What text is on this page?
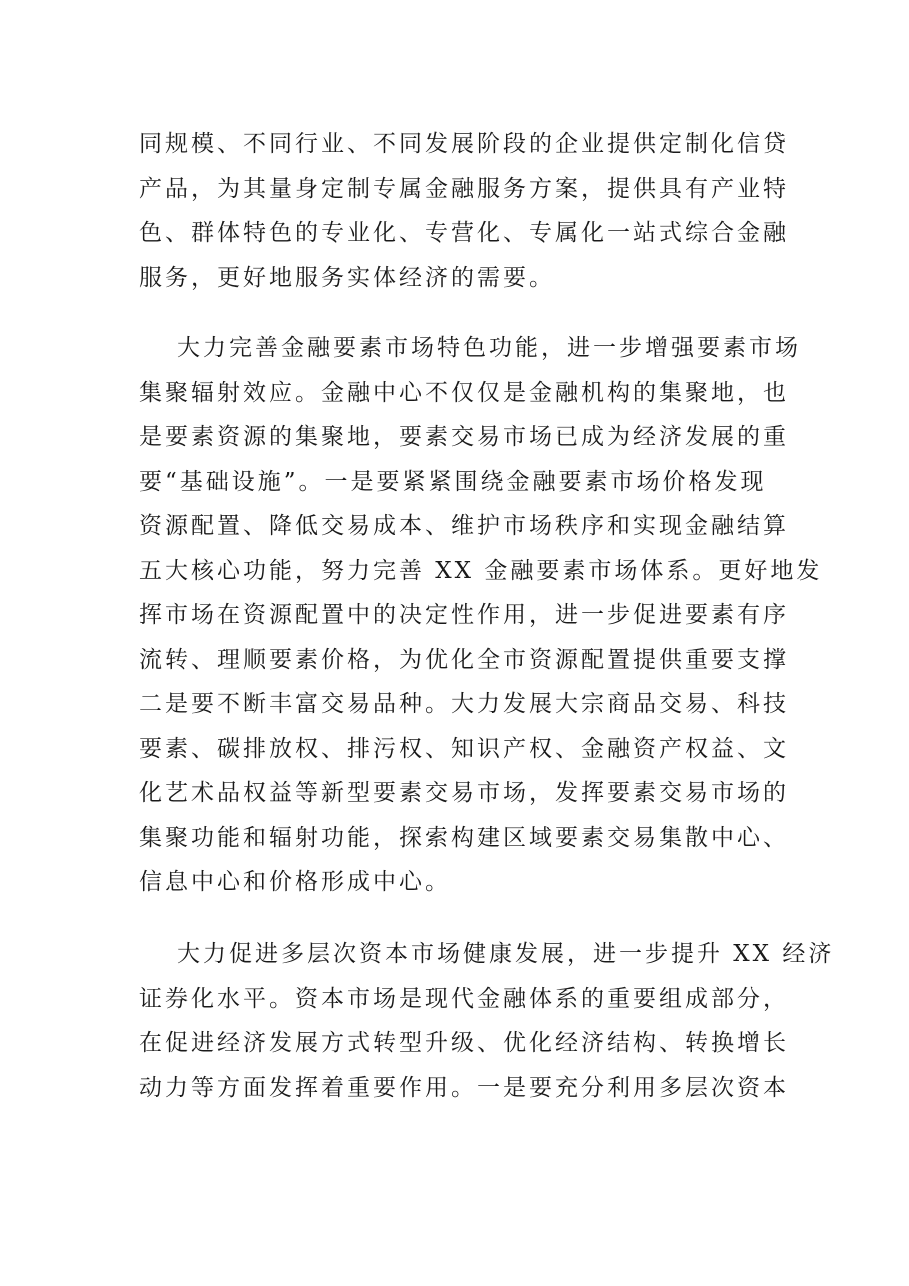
同规模、不同行业、不同发展阶段的企业提供定制化信贷
产品，为其量身定制专属金融服务方案，提供具有产业特
色、群体特色的专业化、专营化、专属化一站式综合金融
服务，更好地服务实体经济的需要。
大力完善金融要素市场特色功能，进一步增强要素市场
集聚辐射效应。金融中心不仅仅是金融机构的集聚地，也
是要素资源的集聚地，要素交易市场已成为经济发展的重
要“基础设施”。一是要紧紧围绕金融要素市场价格发现
资源配置、降低交易成本、维护市场秩序和实现金融结算
五大核心功能，努力完善 XX 金融要素市场体系。更好地发
挥市场在资源配置中的决定性作用，进一步促进要素有序
流转、理顺要素价格，为优化全市资源配置提供重要支撑
二是要不断丰富交易品种。大力发展大宗商品交易、科技
要素、碳排放权、排污权、知识产权、金融资产权益、文
化艺术品权益等新型要素交易市场，发挥要素交易市场的
集聚功能和辐射功能，探索构建区域要素交易集散中心、
信息中心和价格形成中心。
大力促进多层次资本市场健康发展，进一步提升 XX 经济
证券化水平。资本市场是现代金融体系的重要组成部分，
在促进经济发展方式转型升级、优化经济结构、转换增长
动力等方面发挥着重要作用。一是要充分利用多层次资本
